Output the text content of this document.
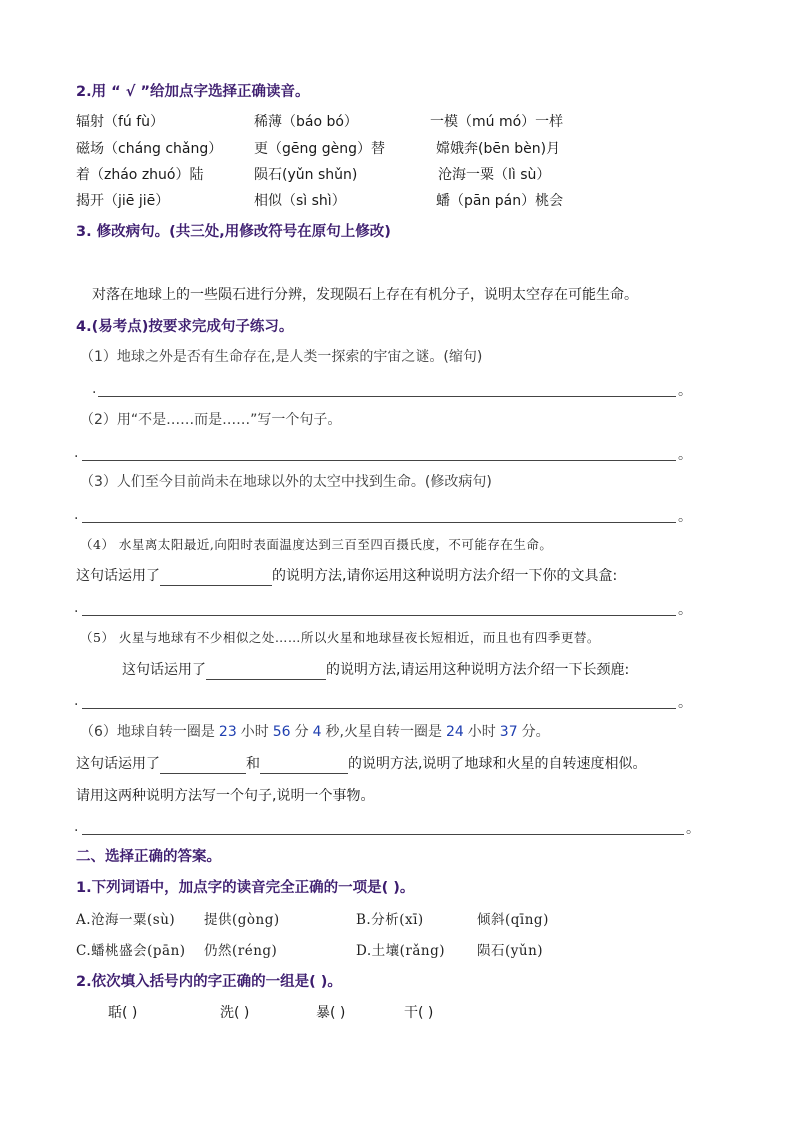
2.用 “ √ ”给加点字选择正确读音。
辐射（fú fù）	稀薄（báo bó）	一模（mú mó）一样
磁场（cháng chǎng） 更（gēng gèng）替	嫦娥奔(bēn bèn)月
着（zháo zhuó）陆	陨石(yǔn shǔn)	沧海一粟（lì sù）
揭开（jiē jiē）	相似（sì shì）	蟠（pān pán）桃会
3. 修改病句。(共三处,用修改符号在原句上修改)
对落在地球上的一些陨石进行分辨，发现陨石上存在有机分子，说明太空存在可能生命。
4.(易考点)按要求完成句子练习。
（1）地球之外是否有生命存在,是人类一探索的宇宙之谜。(缩句)
.	。
（2）用“不是……而是……”写一个句子。
.	。
（3）人们至今目前尚未在地球以外的太空中找到生命。(修改病句)
.	。
（4） 水星离太阳最近,向阳时表面温度达到三百至四百摄氏度，不可能存在生命。
这句话运用了	的说明方法,请你运用这种说明方法介绍一下你的文具盒:
.	。
（5） 火星与地球有不少相似之处……所以火星和地球昼夜长短相近，而且也有四季更替。
这句话运用了	的说明方法,请运用这种说明方法介绍一下长颈鹿:
.	。
（6）地球自转一圈是 23 小时 56 分 4 秒,火星自转一圈是 24 小时 37 分。
这句话运用了	和	的说明方法,说明了地球和火星的自转速度相似。
请用这两种说明方法写一个句子,说明一个事物。
.	。
二、选择正确的答案。
1.下列词语中，加点字的读音完全正确的一项是( )。
A.沧海一粟(sù) 提供(gòng)	B.分析(xī)	倾斜(qīng)
C.蟠桃盛会(pān) 仍然(réng)	D.土壤(rǎng) 陨石(yǔn)
2.依次填入括号内的字正确的一组是( )。
聒( )	洗( )	暴( )	干( )
